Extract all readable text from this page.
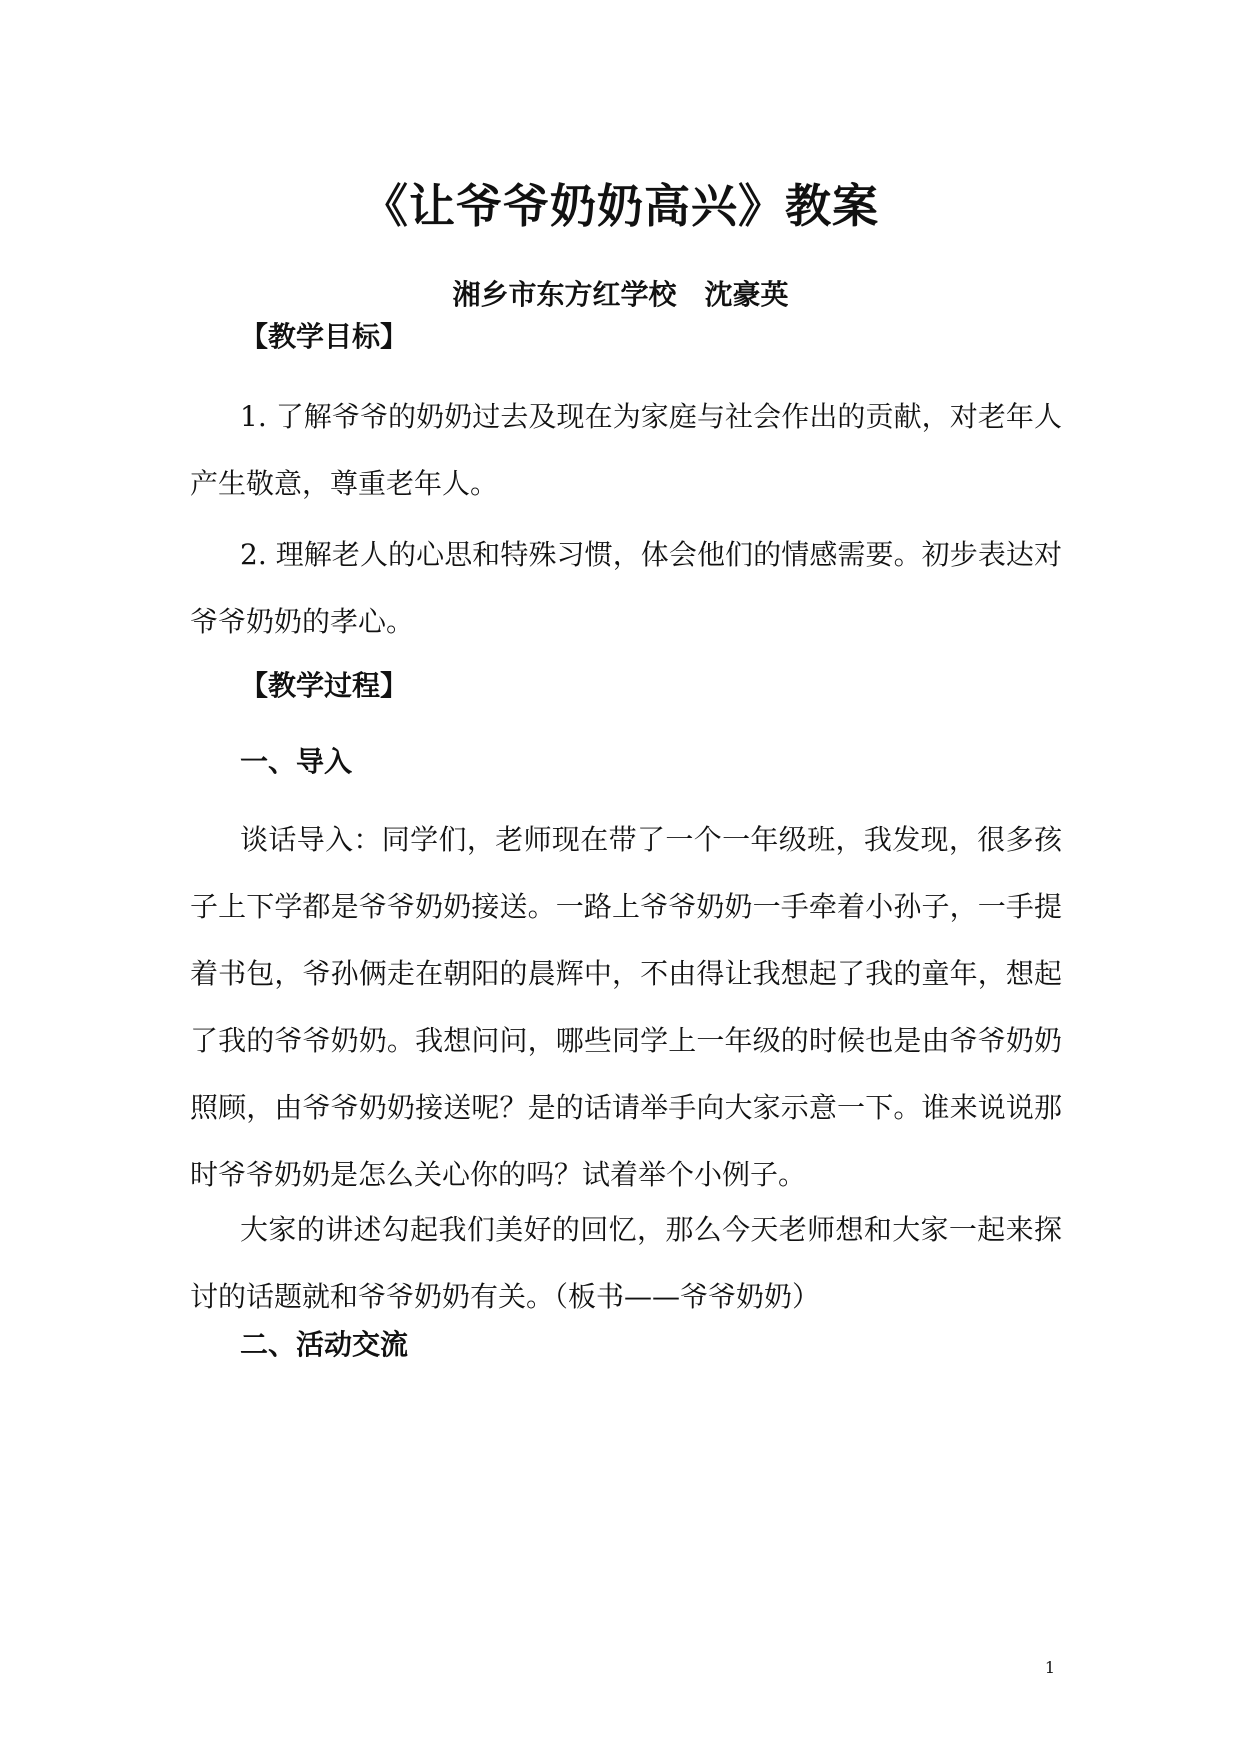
《让爷爷奶奶高兴》教案

湘乡市东方红学校　沈豪英

【教学目标】

1. 了解爷爷的奶奶过去及现在为家庭与社会作出的贡献，对老年人产生敬意，尊重老年人。

2. 理解老人的心思和特殊习惯，体会他们的情感需要。初步表达对爷爷奶奶的孝心。

【教学过程】

一、导入

谈话导入：同学们，老师现在带了一个一年级班，我发现，很多孩子上下学都是爷爷奶奶接送。一路上爷爷奶奶一手牵着小孙子，一手提着书包，爷孙俩走在朝阳的晨辉中，不由得让我想起了我的童年，想起了我的爷爷奶奶。我想问问，哪些同学上一年级的时候也是由爷爷奶奶照顾，由爷爷奶奶接送呢？是的话请举手向大家示意一下。谁来说说那时爷爷奶奶是怎么关心你的吗？试着举个小例子。

大家的讲述勾起我们美好的回忆，那么今天老师想和大家一起来探讨的话题就和爷爷奶奶有关。（板书——爷爷奶奶）

二、活动交流

1
